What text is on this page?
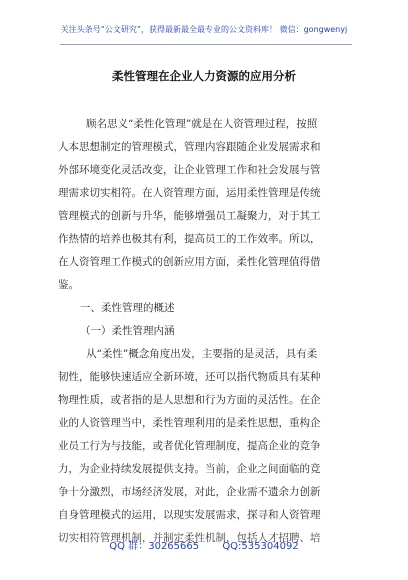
关注头条号“公文研究”，获得最新最全最专业的公文资料库！ 微信：gongwenyj
柔性管理在企业人力资源的应用分析

顾名思义“柔性化管理”就是在人资管理过程，按照

人本思想制定的管理模式，管理内容跟随企业发展需求和

外部环境变化灵活改变，让企业管理工作和社会发展与管

理需求切实相符。在人资管理方面，运用柔性管理是传统

管理模式的创新与升华，能够增强员工凝聚力，对于其工

作热情的培养也极其有利，提高员工的工作效率。所以，

在人资管理工作模式的创新应用方面，柔性化管理值得借

鉴。

一、柔性管理的概述

（一）柔性管理内涵

从“柔性”概念角度出发，主要指的是灵活，具有柔

韧性，能够快速适应全新环境，还可以指代物质具有某种

物理性质，或者指的是人思想和行为方面的灵活性。在企

业的人资管理当中，柔性管理利用的是柔性思想，重构企

业员工行为与技能，或者优化管理制度，提高企业的竞争

力，为企业持续发展提供支持。当前，企业之间面临的竞

争十分激烈，市场经济发展，对此，企业需不遗余力创新

自身管理模式的运用，以现实发展需求，探寻和人资管理

切实相符管理机制，并制定柔性机制，包括人才招聘、培

QQ 群：30265665 QQ:535304092
